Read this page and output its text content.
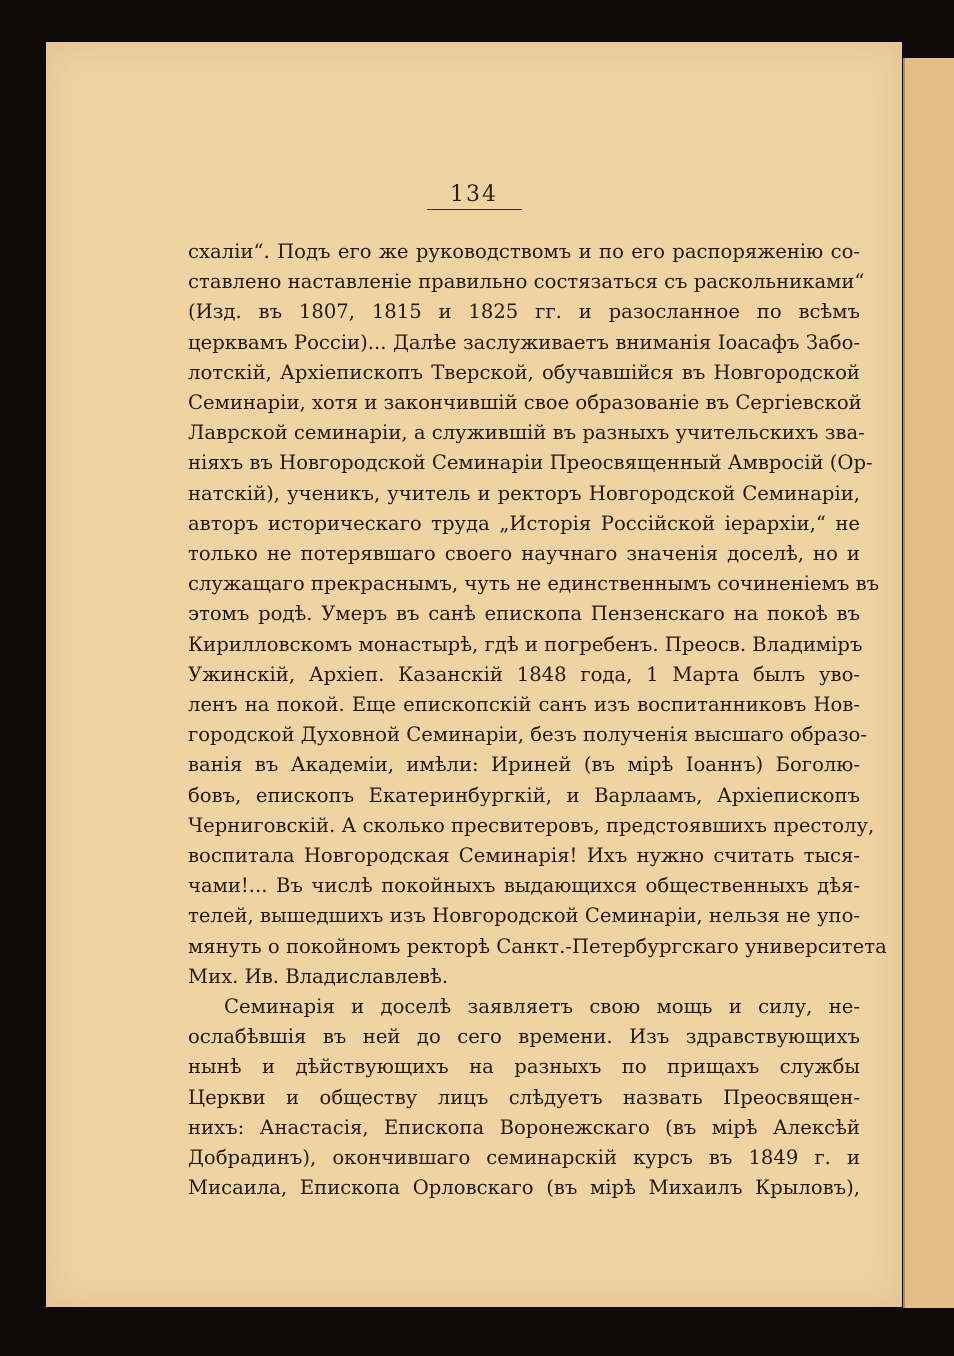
134

схаліи“. Подъ его же руководствомъ и по его распоряженію со-
ставлено наставленіе правильно состязаться съ раскольниками“
(Изд. въ 1807, 1815 и 1825 гг. и разосланное по всѣмъ
церквамъ Россіи)... Далѣе заслуживаетъ вниманія Іоасафъ Забо-
лотскій, Архіепископъ Тверской, обучавшійся въ Новгородской
Семинаріи, хотя и закончившій свое образованіе въ Сергіевской
Лаврской семинаріи, а служившій въ разныхъ учительскихъ зва-
ніяхъ въ Новгородской Семинаріи Преосвященный Амвросій (Ор-
натскій), ученикъ, учитель и ректоръ Новгородской Семинаріи,
авторъ историческаго труда „Исторія Россійской іерархіи,“ не
только не потерявшаго своего научнаго значенія доселѣ, но и
служащаго прекраснымъ, чуть не единственнымъ сочиненіемъ въ
этомъ родѣ. Умеръ въ санѣ епископа Пензенскаго на покоѣ въ
Кирилловскомъ монастырѣ, гдѣ и погребенъ. Преосв. Владиміръ
Ужинскій, Архіеп. Казанскій 1848 года, 1 Марта былъ уво-
ленъ на покой. Еще епископскій санъ изъ воспитанниковъ Нов-
городской Духовной Семинаріи, безъ полученія высшаго образо-
ванія въ Академіи, имѣли: Ириней (въ мірѣ Іоаннъ) Боголю-
бовъ, епископъ Екатеринбургкій, и Варлаамъ, Архіепископъ
Черниговскій. А сколько пресвитеровъ, предстоявшихъ престолу,
воспитала Новгородская Семинарія! Ихъ нужно считать тыся-
чами!... Въ числѣ покойныхъ выдающихся общественныхъ дѣя-
телей, вышедшихъ изъ Новгородской Семинаріи, нельзя не упо-
мянуть о покойномъ ректорѣ Санкт.-Петербургскаго университета
Мих. Ив. Владиславлевѣ.

Семинарія и доселѣ заявляетъ свою мощь и силу, не-
ослабѣвшія въ ней до сего времени. Изъ здравствующихъ
нынѣ и дѣйствующихъ на разныхъ по прищахъ службы
Церкви и обществу лицъ слѣдуетъ назвать Преосвящен-
нихъ: Анастасія, Епископа Воронежскаго (въ мірѣ Алексѣй
Добрадинъ), окончившаго семинарскій курсъ въ 1849 г. и
Мисаила, Епископа Орловскаго (въ мірѣ Михаилъ Крыловъ),
